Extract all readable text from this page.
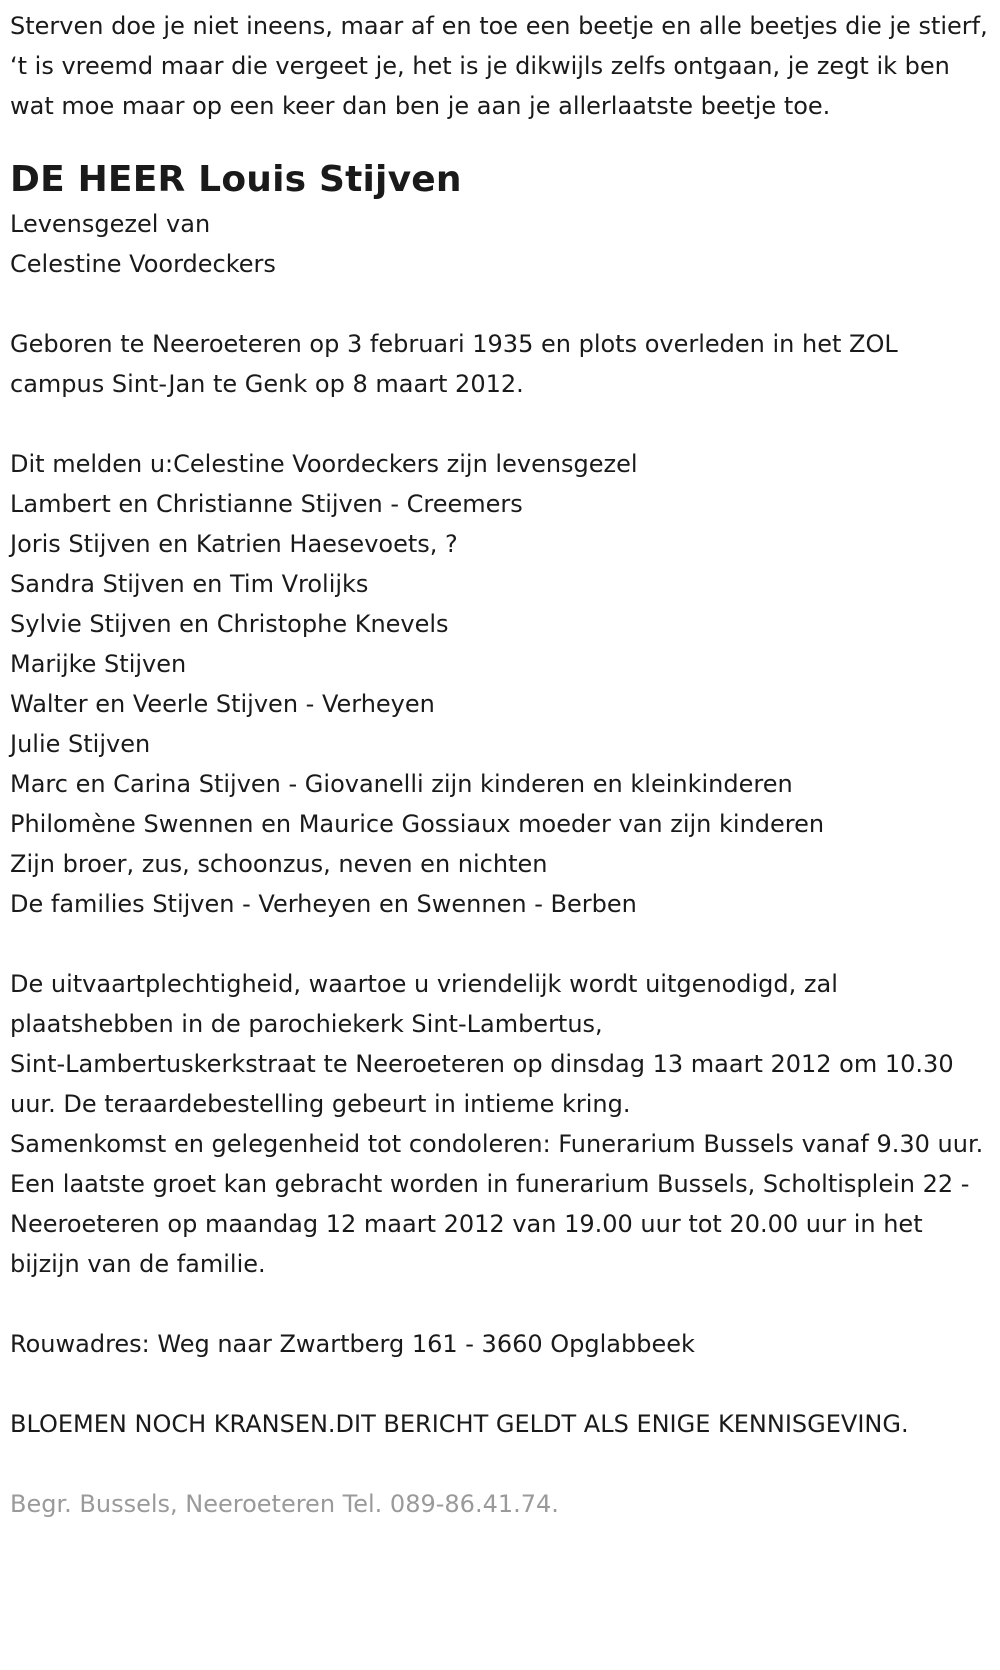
Sterven doe je niet ineens, maar af en toe een beetje en alle beetjes die je stierf, ‘t is vreemd maar die vergeet je, het is je dikwijls zelfs ontgaan, je zegt ik ben wat moe maar op een keer dan ben je aan je allerlaatste beetje toe.

DE HEER Louis Stijven
Levensgezel van
Celestine Voordeckers

Geboren te Neeroeteren op 3 februari 1935 en plots overleden in het ZOL campus Sint-Jan te Genk op 8 maart 2012.

Dit melden u:Celestine Voordeckers zijn levensgezel
Lambert en Christianne Stijven - Creemers
Joris Stijven en Katrien Haesevoets, ?
Sandra Stijven en Tim Vrolijks
Sylvie Stijven en Christophe Knevels
Marijke Stijven
Walter en Veerle Stijven - Verheyen
Julie Stijven
Marc en Carina Stijven - Giovanelli zijn kinderen en kleinkinderen
Philomène Swennen en Maurice Gossiaux moeder van zijn kinderen
Zijn broer, zus, schoonzus, neven en nichten
De families Stijven - Verheyen en Swennen - Berben
De uitvaartplechtigheid, waartoe u vriendelijk wordt uitgenodigd, zal plaatshebben in de parochiekerk Sint-Lambertus,
Sint-Lambertuskerkstraat te Neeroeteren op dinsdag 13 maart 2012 om 10.30 uur. De teraardebestelling gebeurt in intieme kring.
Samenkomst en gelegenheid tot condoleren: Funerarium Bussels vanaf 9.30 uur.
Een laatste groet kan gebracht worden in funerarium Bussels, Scholtisplein 22 - Neeroeteren op maandag 12 maart 2012 van 19.00 uur tot 20.00 uur in het bijzijn van de familie.

Rouwadres: Weg naar Zwartberg 161 - 3660 Opglabbeek

BLOEMEN NOCH KRANSEN.DIT BERICHT GELDT ALS ENIGE KENNISGEVING.

Begr. Bussels, Neeroeteren Tel. 089-86.41.74.
